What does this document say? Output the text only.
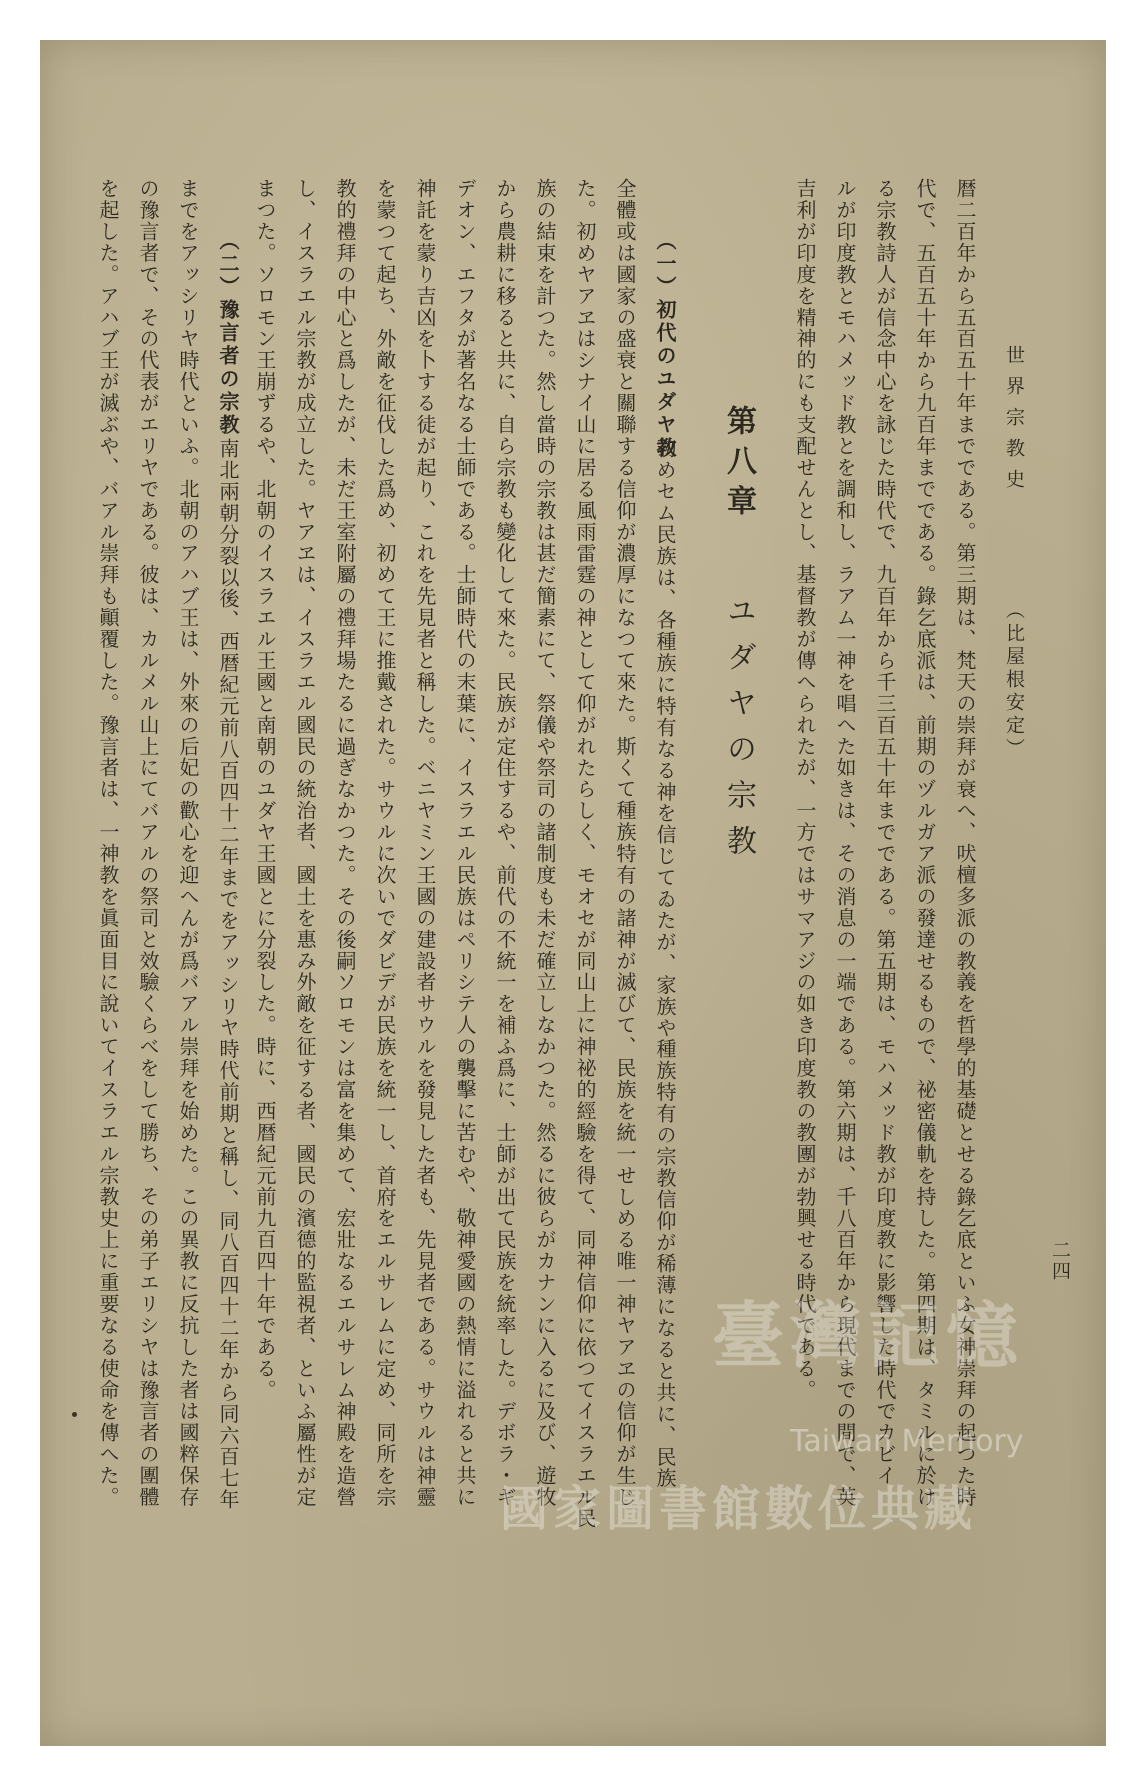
二四
世界宗教史
（比屋根安定）
暦二百年から五百五十年までである。第三期は、梵天の崇拜が衰へ、吠檀多派の教義を哲學的基礎とせる錄乞底といふ女神崇拜の起つた時
代で、五百五十年から九百年までである。錄乞底派は、前期のヅルガア派の發達せるもので、祕密儀軌を持した。第四期は、タミルに於け
る宗教詩人が信念中心を詠じた時代で、九百年から千三百五十年までである。第五期は、モハメッド教が印度教に影響した時代でカビイ
ルが印度教とモハメッド教とを調和し、ラアム一神を唱へた如きは、その消息の一端である。第六期は、千八百年から現代までの間で、英
吉利が印度を精神的にも支配せんとし、基督教が傳へられたが、一方ではサマアジの如き印度教の教團が勃興せる時代である。
第八章
ユダヤの宗教
（一）初代のユダヤ教
初めセム民族は、各種族に特有なる神を信じてゐたが、家族や種族特有の宗教信仰が稀薄になると共に、民族
全體或は國家の盛衰と關聯する信仰が濃厚になつて來た。斯くて種族特有の諸神が滅びて、民族を統一せしめる唯一神ヤアヱの信仰が生じ
た。初めヤアヱはシナイ山に居る風雨雷霆の神として仰がれたらしく、モオセが同山上に神祕的經驗を得て、同神信仰に依つてイスラエル民
族の結束を計つた。然し當時の宗教は甚だ簡素にて、祭儀や祭司の諸制度も未だ確立しなかつた。然るに彼らがカナンに入るに及び、遊牧
から農耕に移ると共に、自ら宗教も變化して來た。民族が定住するや、前代の不統一を補ふ爲に、士師が出て民族を統率した。デボラ・ギ
デオン、エフタが著名なる士師である。士師時代の末葉に、イスラエル民族はペリシテ人の襲擊に苦むや、敬神愛國の熱情に溢れると共に
神託を蒙り吉凶を卜する徒が起り、これを先見者と稱した。ベニヤミン王國の建設者サウルを發見した者も、先見者である。サウルは神靈
を蒙つて起ち、外敵を征伐した爲め、初めて王に推戴された。サウルに次いでダビデが民族を統一し、首府をエルサレムに定め、同所を宗
教的禮拜の中心と爲したが、未だ王室附屬の禮拜場たるに過ぎなかつた。その後嗣ソロモンは富を集めて、宏壯なるエルサレム神殿を造營
し、イスラエル宗教が成立した。ヤアヱは、イスラエル國民の統治者、國土を惠み外敵を征する者、國民の濱德的監視者、といふ屬性が定
まつた。ソロモン王崩ずるや、北朝のイスラエル王國と南朝のユダヤ王國とに分裂した。時に、西暦紀元前九百四十年である。
（二）豫言者の宗教
南北兩朝分裂以後、西暦紀元前八百四十二年までをアッシリヤ時代前期と稱し、同八百四十二年から同六百七年
までをアッシリヤ時代といふ。北朝のアハブ王は、外來の后妃の歡心を迎へんが爲バアル崇拜を始めた。この異教に反抗した者は國粹保存
の豫言者で、その代表がエリヤである。彼は、カルメル山上にてバアルの祭司と效驗くらべをして勝ち、その弟子エリシヤは豫言者の團體
を起した。アハブ王が滅ぶや、バアル崇拜も顚覆した。豫言者は、一神教を眞面目に說いてイスラエル宗教史上に重要なる使命を傳へた。	臺灣記憶
Taiwan Memory
國家圖書館數位典藏
